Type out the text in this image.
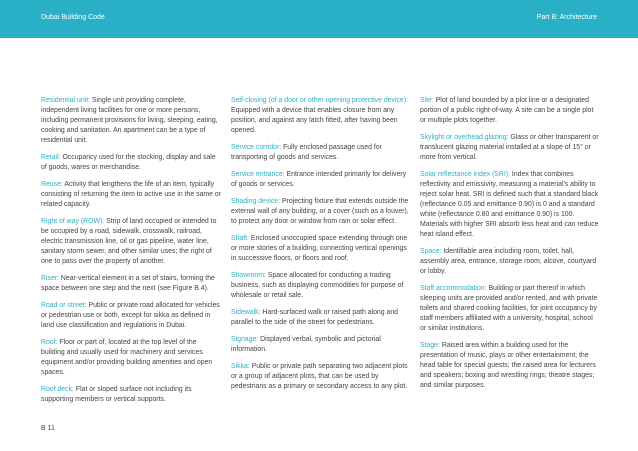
Dubai Building Code	Part B: Architecture

Residential unit: Single unit providing complete, independent living facilities for one or more persons, including permanent provisions for living, sleeping, eating, cooking and sanitation. An apartment can be a type of residential unit.

Retail: Occupancy used for the stocking, display and sale of goods, wares or merchandise.

Reuse: Activity that lengthens the life of an item, typically consisting of returning the item to active use in the same or related capacity.

Right of way (ROW): Strip of land occupied or intended to be occupied by a road, sidewalk, crosswalk, railroad, electric transmission line, oil or gas pipeline, water line, sanitary storm sewer, and other similar uses; the right of one to pass over the property of another.

Riser: Near-vertical element in a set of stairs, forming the space between one step and the next (see Figure B.4).

Road or street: Public or private road allocated for vehicles or pedestrian use or both, except for sikka as defined in land use classification and regulations in Dubai.

Roof: Floor or part of, located at the top level of the building and usually used for machinery and services equipment and/or providing building amenities and open spaces.

Roof deck: Flat or sloped surface not including its supporting members or vertical supports.

Self-closing (of a door or other opening protective device): Equipped with a device that enables closure from any position, and against any latch fitted, after having been opened.

Service corridor: Fully enclosed passage used for transporting of goods and services.

Service entrance: Entrance intended primarily for delivery of goods or services.

Shading device: Projecting fixture that extends outside the external wall of any building, or a cover (such as a louver), to protect any door or window from rain or solar effect.

Shaft: Enclosed unoccupied space extending through one or more stories of a building, connecting vertical openings in successive floors, or floors and roof.

Showroom: Space allocated for conducting a trading business, such as displaying commodities for purpose of wholesale or retail sale.

Sidewalk: Hard-surfaced walk or raised path along and parallel to the side of the street for pedestrians.

Signage: Displayed verbal, symbolic and pictorial information.

Sikka: Public or private path separating two adjacent plots or a group of adjacent plots, that can be used by pedestrians as a primary or secondary access to any plot.

Site: Plot of land bounded by a plot line or a designated portion of a public right-of-way. A site can be a single plot or multiple plots together.

Skylight or overhead glazing: Glass or other transparent or translucent glazing material installed at a slope of 15° or more from vertical.

Solar reflectance index (SRI): Index that combines reflectivity and emissivity, measuring a material's ability to reject solar heat. SRI is defined such that a standard black (reflectance 0.05 and emittance 0.90) is 0 and a standard white (reflectance 0.80 and emittance 0.90) is 100. Materials with higher SRI absorb less heat and can reduce heat island effect.

Space: Identifiable area including room, toilet, hall, assembly area, entrance, storage room, alcove, courtyard or lobby.

Staff accommodation: Building or part thereof in which sleeping units are provided and/or rented, and with private toilets and shared cooking facilities, for joint occupancy by staff members affiliated with a university, hospital, school or similar institutions.

Stage: Raised area within a building used for the presentation of music, plays or other entertainment; the head table for special guests; the raised area for lecturers and speakers; boxing and wrestling rings; theatre stages; and similar purposes.

B 11
